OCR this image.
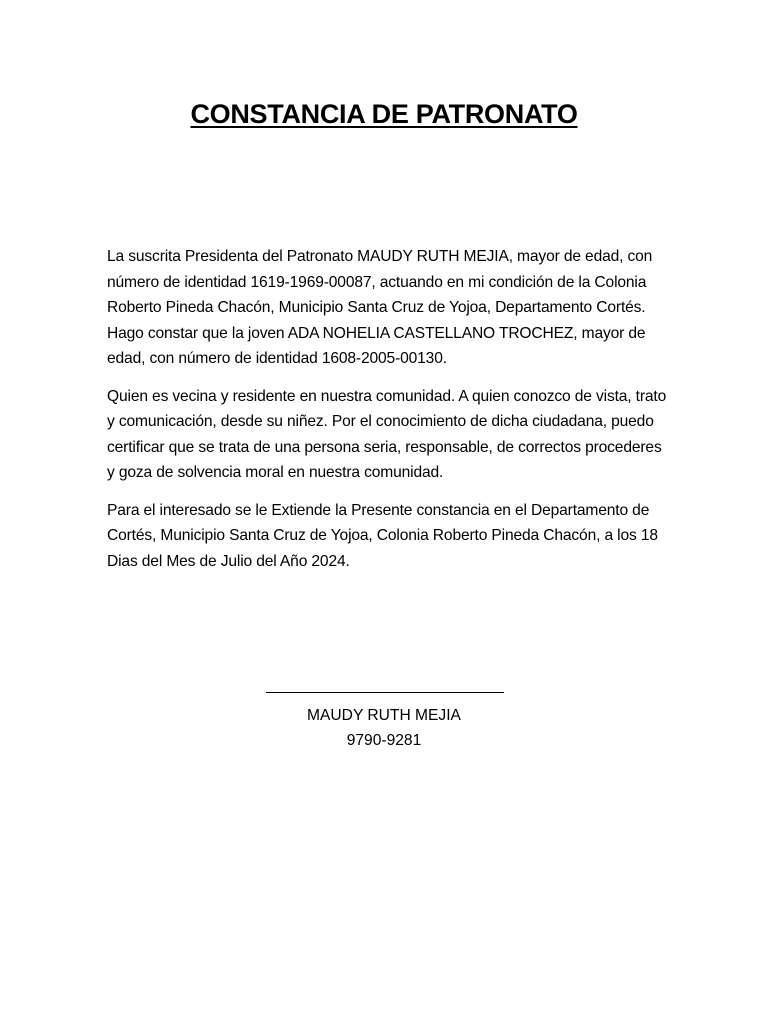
CONSTANCIA DE PATRONATO

La suscrita Presidenta del Patronato MAUDY RUTH MEJIA, mayor de edad, con número de identidad 1619-1969-00087, actuando en mi condición de la Colonia Roberto Pineda Chacón, Municipio Santa Cruz de Yojoa, Departamento Cortés. Hago constar que la joven ADA NOHELIA CASTELLANO TROCHEZ, mayor de edad, con número de identidad 1608-2005-00130.

Quien es vecina y residente en nuestra comunidad. A quien conozco de vista, trato y comunicación, desde su niñez. Por el conocimiento de dicha ciudadana, puedo certificar que se trata de una persona seria, responsable, de correctos procederes y goza de solvencia moral en nuestra comunidad.

Para el interesado se le Extiende la Presente constancia en el Departamento de Cortés, Municipio Santa Cruz de Yojoa, Colonia Roberto Pineda Chacón, a los 18 Dias del Mes de Julio del Año 2024.

MAUDY RUTH MEJIA

9790-9281
